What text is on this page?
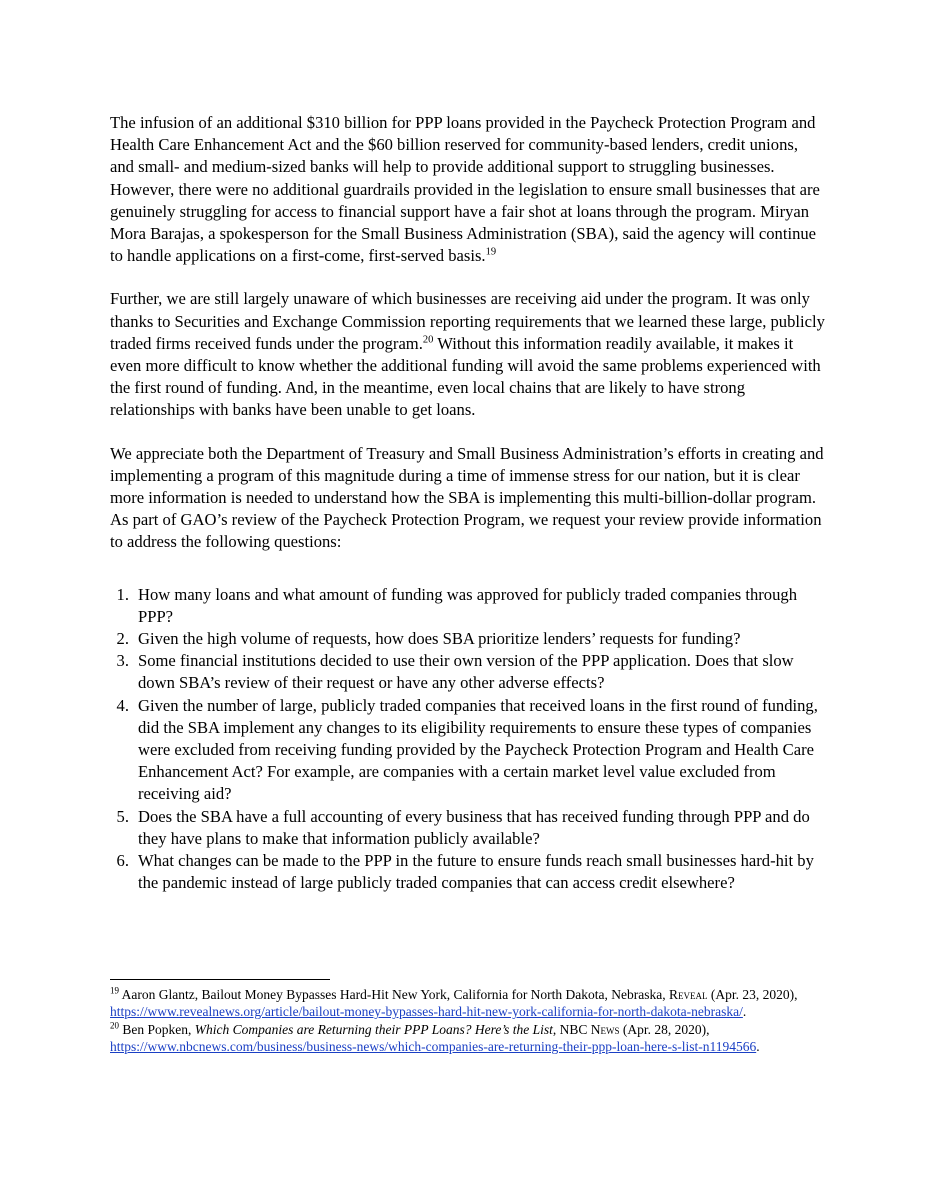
The infusion of an additional $310 billion for PPP loans provided in the Paycheck Protection Program and Health Care Enhancement Act and the $60 billion reserved for community-based lenders, credit unions, and small- and medium-sized banks will help to provide additional support to struggling businesses. However, there were no additional guardrails provided in the legislation to ensure small businesses that are genuinely struggling for access to financial support have a fair shot at loans through the program. Miryan Mora Barajas, a spokesperson for the Small Business Administration (SBA), said the agency will continue to handle applications on a first-come, first-served basis.$^{19}$

Further, we are still largely unaware of which businesses are receiving aid under the program. It was only thanks to Securities and Exchange Commission reporting requirements that we learned these large, publicly traded firms received funds under the program.$^{20}$ Without this information readily available, it makes it even more difficult to know whether the additional funding will avoid the same problems experienced with the first round of funding. And, in the meantime, even local chains that are likely to have strong relationships with banks have been unable to get loans.

We appreciate both the Department of Treasury and Small Business Administration’s efforts in creating and implementing a program of this magnitude during a time of immense stress for our nation, but it is clear more information is needed to understand how the SBA is implementing this multi-billion-dollar program. As part of GAO’s review of the Paycheck Protection Program, we request your review provide information to address the following questions:

1. How many loans and what amount of funding was approved for publicly traded companies through PPP?
2. Given the high volume of requests, how does SBA prioritize lenders’ requests for funding?
3. Some financial institutions decided to use their own version of the PPP application. Does that slow down SBA’s review of their request or have any other adverse effects?
4. Given the number of large, publicly traded companies that received loans in the first round of funding, did the SBA implement any changes to its eligibility requirements to ensure these types of companies were excluded from receiving funding provided by the Paycheck Protection Program and Health Care Enhancement Act? For example, are companies with a certain market level value excluded from receiving aid?
5. Does the SBA have a full accounting of every business that has received funding through PPP and do they have plans to make that information publicly available?
6. What changes can be made to the PPP in the future to ensure funds reach small businesses hard-hit by the pandemic instead of large publicly traded companies that can access credit elsewhere?

$^{19}$ Aaron Glantz, Bailout Money Bypasses Hard-Hit New York, California for North Dakota, Nebraska, Reveal (Apr. 23, 2020), https://www.revealnews.org/article/bailout-money-bypasses-hard-hit-new-york-california-for-north-dakota-nebraska/.

$^{20}$ Ben Popken, Which Companies are Returning their PPP Loans? Here’s the List, NBC News (Apr. 28, 2020), https://www.nbcnews.com/business/business-news/which-companies-are-returning-their-ppp-loan-here-s-list-n1194566.
